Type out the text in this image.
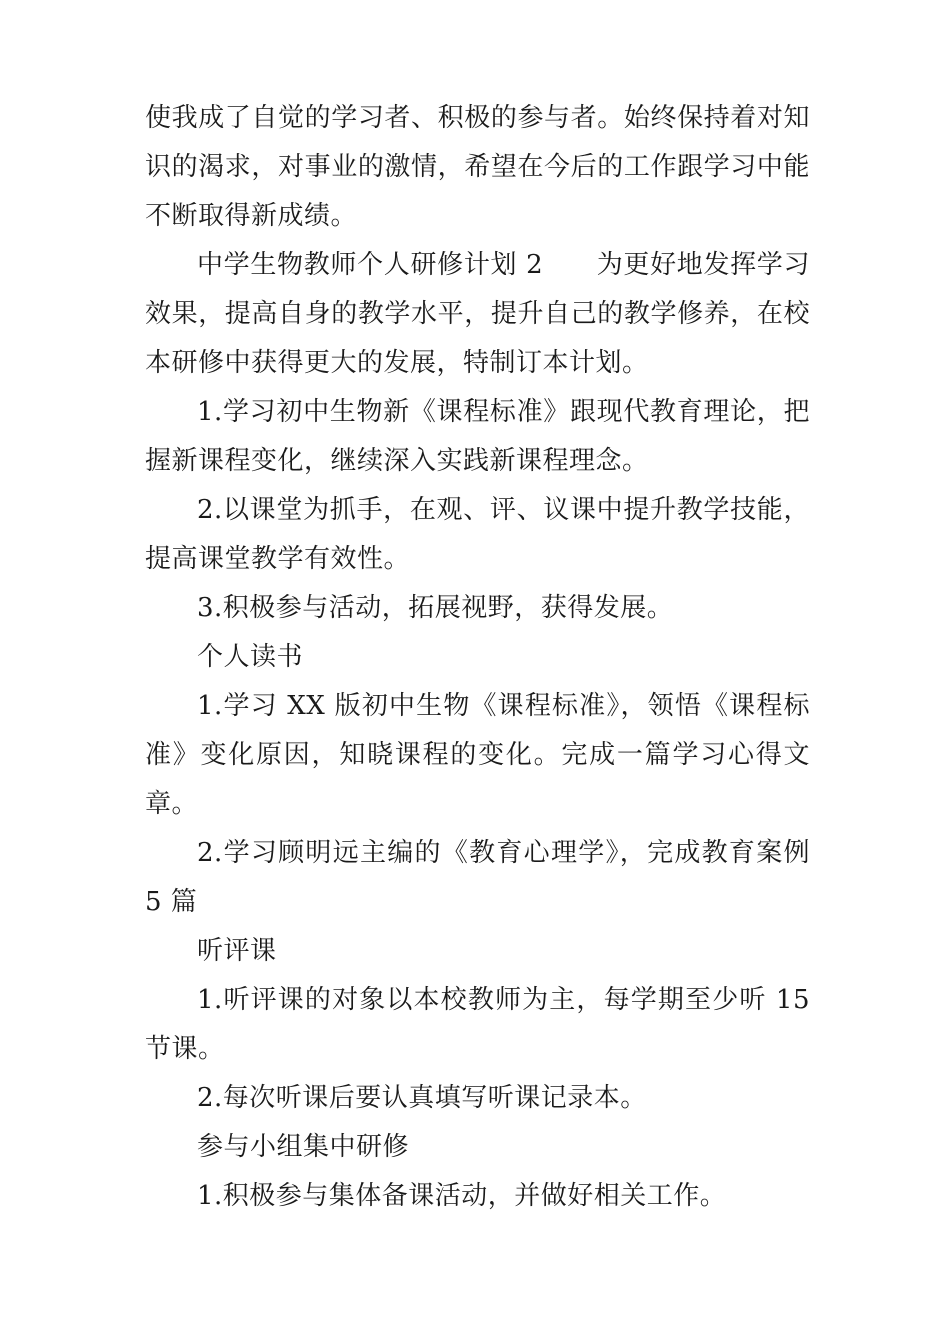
使我成了自觉的学习者、积极的参与者。始终保持着对知识的渴求，对事业的激情，希望在今后的工作跟学习中能不断取得新成绩。

中学生物教师个人研修计划 2　　为更好地发挥学习效果，提高自身的教学水平，提升自己的教学修养，在校本研修中获得更大的发展，特制订本计划。

1.学习初中生物新《课程标准》跟现代教育理论，把握新课程变化，继续深入实践新课程理念。

2.以课堂为抓手，在观、评、议课中提升教学技能，提高课堂教学有效性。

3.积极参与活动，拓展视野，获得发展。

个人读书

1.学习 XX 版初中生物《课程标准》，领悟《课程标准》变化原因，知晓课程的变化。完成一篇学习心得文章。

2.学习顾明远主编的《教育心理学》，完成教育案例 5 篇

听评课

1.听评课的对象以本校教师为主，每学期至少听 15 节课。

2.每次听课后要认真填写听课记录本。

参与小组集中研修

1.积极参与集体备课活动，并做好相关工作。
